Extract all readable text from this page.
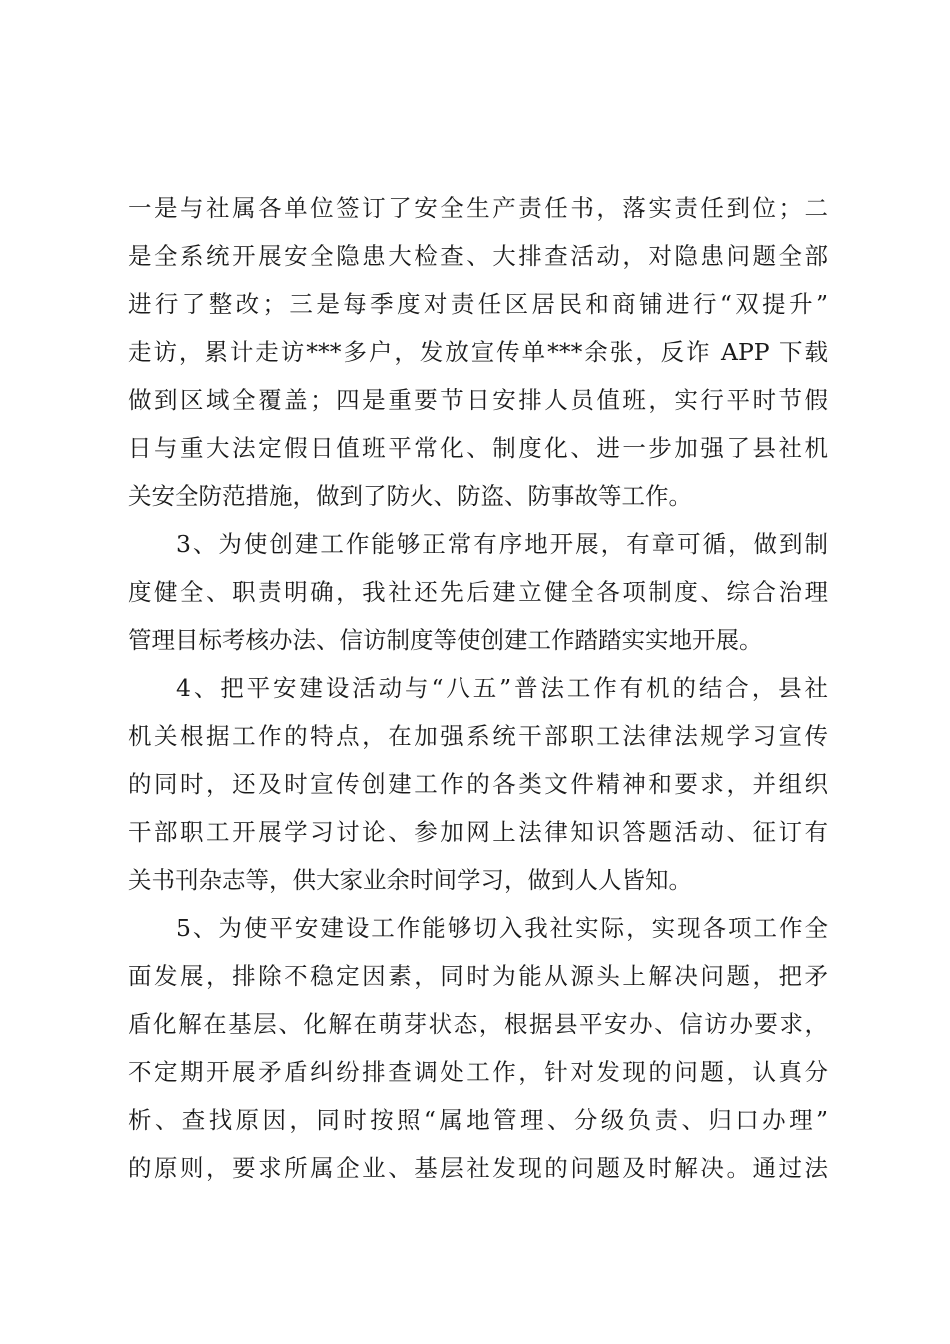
一是与社属各单位签订了安全生产责任书，落实责任到位；二
是全系统开展安全隐患大检查、大排查活动，对隐患问题全部
进行了整改；三是每季度对责任区居民和商铺进行“双提升”
走访，累计走访***多户，发放宣传单***余张，反诈 APP 下载
做到区域全覆盖；四是重要节日安排人员值班，实行平时节假
日与重大法定假日值班平常化、制度化、进一步加强了县社机
关安全防范措施，做到了防火、防盗、防事故等工作。
3、为使创建工作能够正常有序地开展，有章可循，做到制
度健全、职责明确，我社还先后建立健全各项制度、综合治理
管理目标考核办法、信访制度等使创建工作踏踏实实地开展。
4、把平安建设活动与“八五”普法工作有机的结合，县社
机关根据工作的特点，在加强系统干部职工法律法规学习宣传
的同时，还及时宣传创建工作的各类文件精神和要求，并组织
干部职工开展学习讨论、参加网上法律知识答题活动、征订有
关书刊杂志等，供大家业余时间学习，做到人人皆知。
5、为使平安建设工作能够切入我社实际，实现各项工作全
面发展，排除不稳定因素，同时为能从源头上解决问题，把矛
盾化解在基层、化解在萌芽状态，根据县平安办、信访办要求，
不定期开展矛盾纠纷排查调处工作，针对发现的问题，认真分
析、查找原因，同时按照“属地管理、分级负责、归口办理”
的原则，要求所属企业、基层社发现的问题及时解决。通过法
